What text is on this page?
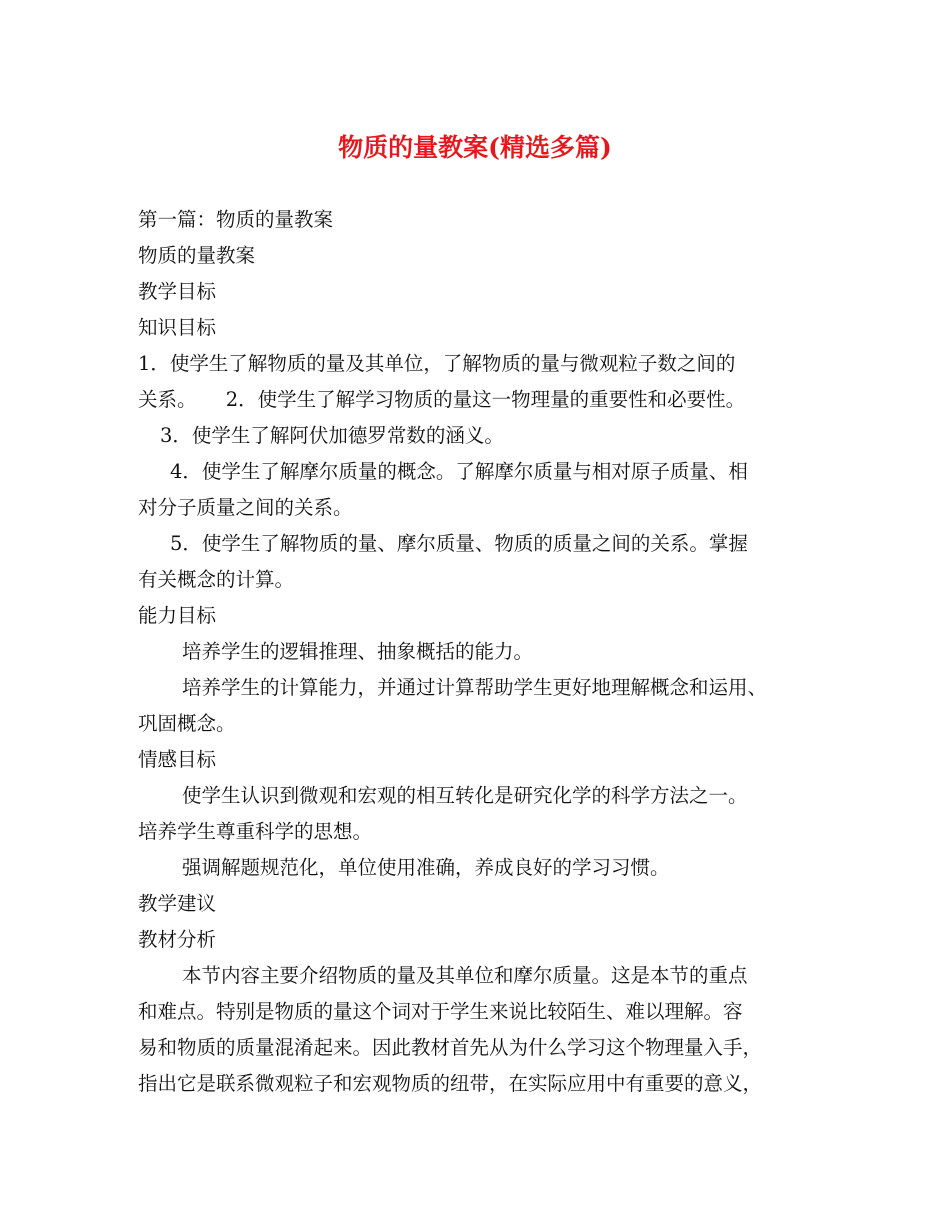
物质的量教案(精选多篇)
第一篇：物质的量教案
物质的量教案
教学目标
知识目标
1．使学生了解物质的量及其单位，了解物质的量与微观粒子数之间的
关系。　　2．使学生了解学习物质的量这一物理量的重要性和必要性。
3．使学生了解阿伏加德罗常数的涵义。
4．使学生了解摩尔质量的概念。了解摩尔质量与相对原子质量、相
对分子质量之间的关系。
5．使学生了解物质的量、摩尔质量、物质的质量之间的关系。掌握
有关概念的计算。
能力目标
培养学生的逻辑推理、抽象概括的能力。
培养学生的计算能力，并通过计算帮助学生更好地理解概念和运用、
巩固概念。
情感目标
使学生认识到微观和宏观的相互转化是研究化学的科学方法之一。
培养学生尊重科学的思想。
强调解题规范化，单位使用准确，养成良好的学习习惯。
教学建议
教材分析
本节内容主要介绍物质的量及其单位和摩尔质量。这是本节的重点
和难点。特别是物质的量这个词对于学生来说比较陌生、难以理解。容
易和物质的质量混淆起来。因此教材首先从为什么学习这个物理量入手，
指出它是联系微观粒子和宏观物质的纽带，在实际应用中有重要的意义，
